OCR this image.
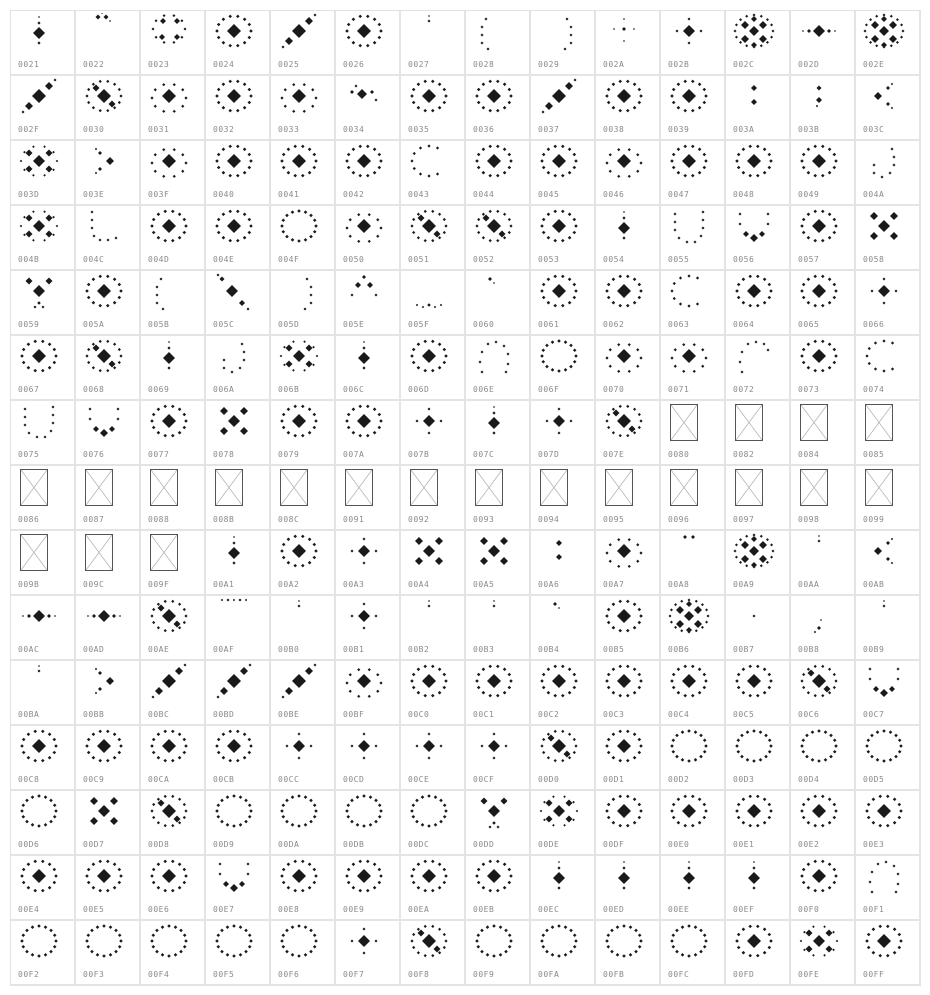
0021	0022	0023	0024	0025	0026	0027	0028	0029	002A	002B	002C	002D	002E
002F	0030	0031	0032	0033	0034	0035	0036	0037	0038	0039	003A	003B	003C
003D	003E	003F	0040	0041	0042	0043	0044	0045	0046	0047	0048	0049	004A
004B	004C	004D	004E	004F	0050	0051	0052	0053	0054	0055	0056	0057	0058
0059	005A	005B	005C	005D	005E	005F	0060	0061	0062	0063	0064	0065	0066
0067	0068	0069	006A	006B	006C	006D	006E	006F	0070	0071	0072	0073	0074
0075	0076	0077	0078	0079	007A	007B	007C	007D	007E	0080	0082	0084	0085
0086	0087	0088	008B	008C	0091	0092	0093	0094	0095	0096	0097	0098	0099
009B	009C	009F	00A1	00A2	00A3	00A4	00A5	00A6	00A7	00A8	00A9	00AA	00AB
00AC	00AD	00AE	00AF	00B0	00B1	00B2	00B3	00B4	00B5	00B6	00B7	00B8	00B9
00BA	00BB	00BC	00BD	00BE	00BF	00C0	00C1	00C2	00C3	00C4	00C5	00C6	00C7
00C8	00C9	00CA	00CB	00CC	00CD	00CE	00CF	00D0	00D1	00D2	00D3	00D4	00D5
00D6	00D7	00D8	00D9	00DA	00DB	00DC	00DD	00DE	00DF	00E0	00E1	00E2	00E3
00E4	00E5	00E6	00E7	00E8	00E9	00EA	00EB	00EC	00ED	00EE	00EF	00F0	00F1
00F2	00F3	00F4	00F5	00F6	00F7	00F8	00F9	00FA	00FB	00FC	00FD	00FE	00FF
